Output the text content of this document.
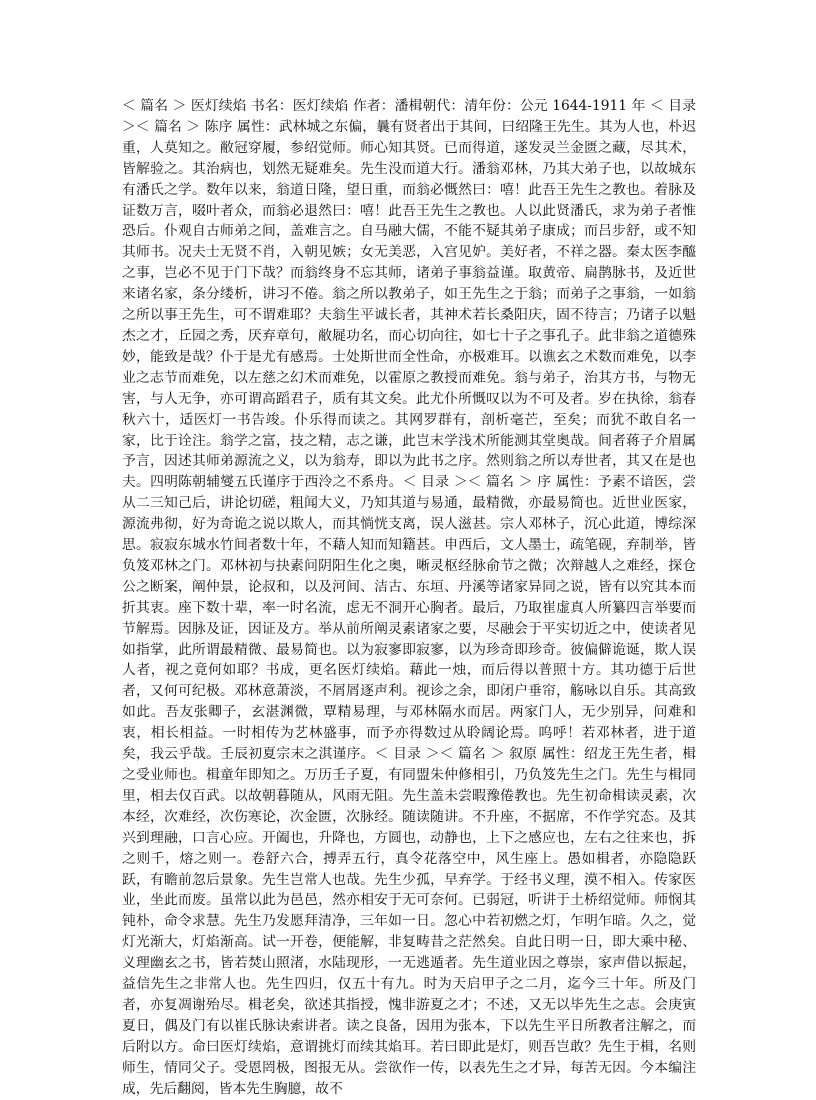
＜ 篇名 ＞ 医灯续焰 书名：医灯续焰 作者：潘楫朝代：清年份：公元 1644-1911 年 ＜ 目录 ＞＜ 篇名 ＞ 陈序 属性：武林城之东偏，曩有贤者出于其间，曰绍隆王先生。其为人也，朴迟重，人莫知之。敝冠穿履，参绍觉师。师心知其贤。已而得道，遂发灵兰金匮之藏，尽其术，皆解验之。其治病也，划然无疑难矣。先生没而道大行。潘翁邓林，乃其大弟子也，以故城东有潘氏之学。数年以来，翁道日隆，望日重，而翁必慨然曰：嘻！此吾王先生之教也。着脉及证数万言，啜叶者众，而翁必退然曰：嘻！此吾王先生之教也。人以此贤潘氏，求为弟子者惟恐后。仆观自古师弟之间，盖难言之。自马融大儒，不能不疑其弟子康成；而吕步舒，或不知其师书。况夫士无贤不肖，入朝见嫉；女无美恶，入宫见妒。美好者，不祥之器。秦太医李醯之事，岂必不见于门下哉？而翁终身不忘其师，诸弟子事翁益谨。取黄帝、扁鹊脉书，及近世来诸名家，条分缕析，讲习不倦。翁之所以教弟子，如王先生之于翁；而弟子之事翁，一如翁之所以事王先生，可不谓难耶？夫翁生平诚长者，其神术若长桑阳庆，固不待言；乃诸子以魁杰之才，丘园之秀，厌弃章句，敝屣功名，而心切向往，如七十子之事孔子。此非翁之道德殊妙，能致是哉？仆于是尤有感焉。士处斯世而全性命，亦极难耳。以谯玄之术数而难免，以李业之志节而难免，以左慈之幻术而难免，以霍原之教授而难免。翁与弟子，治其方书，与物无害，与人无争，亦可谓高蹈君子，质有其文矣。此尤仆所慨叹以为不可及者。岁在执徐，翁春秋六十，适医灯一书告竣。仆乐得而读之。其网罗群有，剖析毫芒，至矣；而犹不敢自名一家，比于诠注。翁学之富，技之精，志之谦，此岂末学浅术所能测其堂奥哉。间者蒋子介眉属予言，因述其师弟源流之义，以为翁寿，即以为此书之序。然则翁之所以寿世者，其又在是也夫。四明陈朝辅燮五氏谨序于西泠之不系舟。＜ 目录 ＞＜ 篇名 ＞ 序 属性：予素不谙医，尝从二三知己后，讲论切磋，粗闻大义，乃知其道与易通，最精微，亦最易简也。近世业医家，源流弗彻，好为奇诡之说以欺人，而其惝恍支离，误人滋甚。宗人邓林子，沉心此道，博综深思。寂寂东城水竹间者数十年，不藉人知而知籍甚。申西后，文人墨士，疏笔砚，弃制举，皆负笈邓林之门。邓林初与抉素问阴阳生化之奥，晰灵枢经脉俞节之微；次辩越人之难经，探仓公之断案，阐仲景，论叔和，以及河间、洁古、东垣、丹溪等诸家异同之说，皆有以究其本而折其衷。座下数十辈，率一时名流，虑无不洞开心胸者。最后，乃取崔虚真人所纂四言举要而节解焉。因脉及证，因证及方。举从前所阐灵素诸家之要，尽融会于平实切近之中，使读者见如指掌，此所谓最精微、最易简也。以为寂寥即寂寥，以为珍奇即珍奇。彼偏僻诡诞，欺人误人者，视之竟何如耶？书成，更名医灯续焰。藉此一烛，而后得以普照十方。其功德于后世者，又何可纪极。邓林意萧淡，不屑屑逐声利。视诊之余，即闭户垂帘，觞咏以自乐。其高致如此。吾友张卿子，玄湛渊微，覃精易理，与邓林隔水而居。两家门人，无少别异，问难和衷，相长相益。一时相传为艺林盛事，而予亦得数过从聆阔论焉。呜呼！若邓林者，进于道矣，我云乎哉。壬辰初夏宗末之淇谨序。＜ 目录 ＞＜ 篇名 ＞ 叙原 属性：绍龙王先生者，楫之受业师也。楫童年即知之。万历壬子夏，有同盟朱仲修相引，乃负笈先生之门。先生与楫同里，相去仅百武。以故朝暮随从，风雨无阻。先生盖未尝暇豫倦教也。先生初命楫读灵素，次本经，次难经，次伤寒论，次金匮，次脉经。随读随讲。不升座，不据席，不作学究态。及其兴到理融，口言心应。开阖也，升降也，方圆也，动静也，上下之感应也，左右之往来也，拆之则千，熔之则一。卷舒六合，搏弄五行，真令花落空中，风生座上。愚如楫者，亦隐隐跃跃，有瞻前忽后景象。先生岂常人也哉。先生少孤，早弃学。于经书义理，漠不相入。传家医业，坐此而废。虽常以此为邑邑，然亦相安于无可奈何。已弱冠，听讲于土桥绍觉师。师悯其钝朴，命令求慧。先生乃发愿拜清净，三年如一日。忽心中若初燃之灯，乍明乍暗。久之，觉灯光渐大，灯焰渐高。试一开卷，便能解，非复畴昔之茫然矣。自此日明一日，即大乘中秘、义理幽玄之书，皆若焚山照渚，水陆现形，一无逃遁者。先生道业因之尊崇，家声借以振起，益信先生之非常人也。先生四归，仅五十有九。时为天启甲子之二月，迄今三十年。所及门者，亦复凋谢殆尽。楫老矣，欲述其指授，愧非游夏之才；不述，又无以毕先生之志。会庚寅夏日，偶及门有以崔氏脉诀索讲者。读之良备，因用为张本，下以先生平日所教者注解之，而后附以方。命曰医灯续焰，意谓挑灯而续其焰耳。若曰即此是灯，则吾岂敢？先生于楫，名则师生，情同父子。受恩罔极，图报无从。尝欲作一传，以表先生之才异，每苦无因。今本编注成，先后翻阅，皆本先生胸臆，故不
